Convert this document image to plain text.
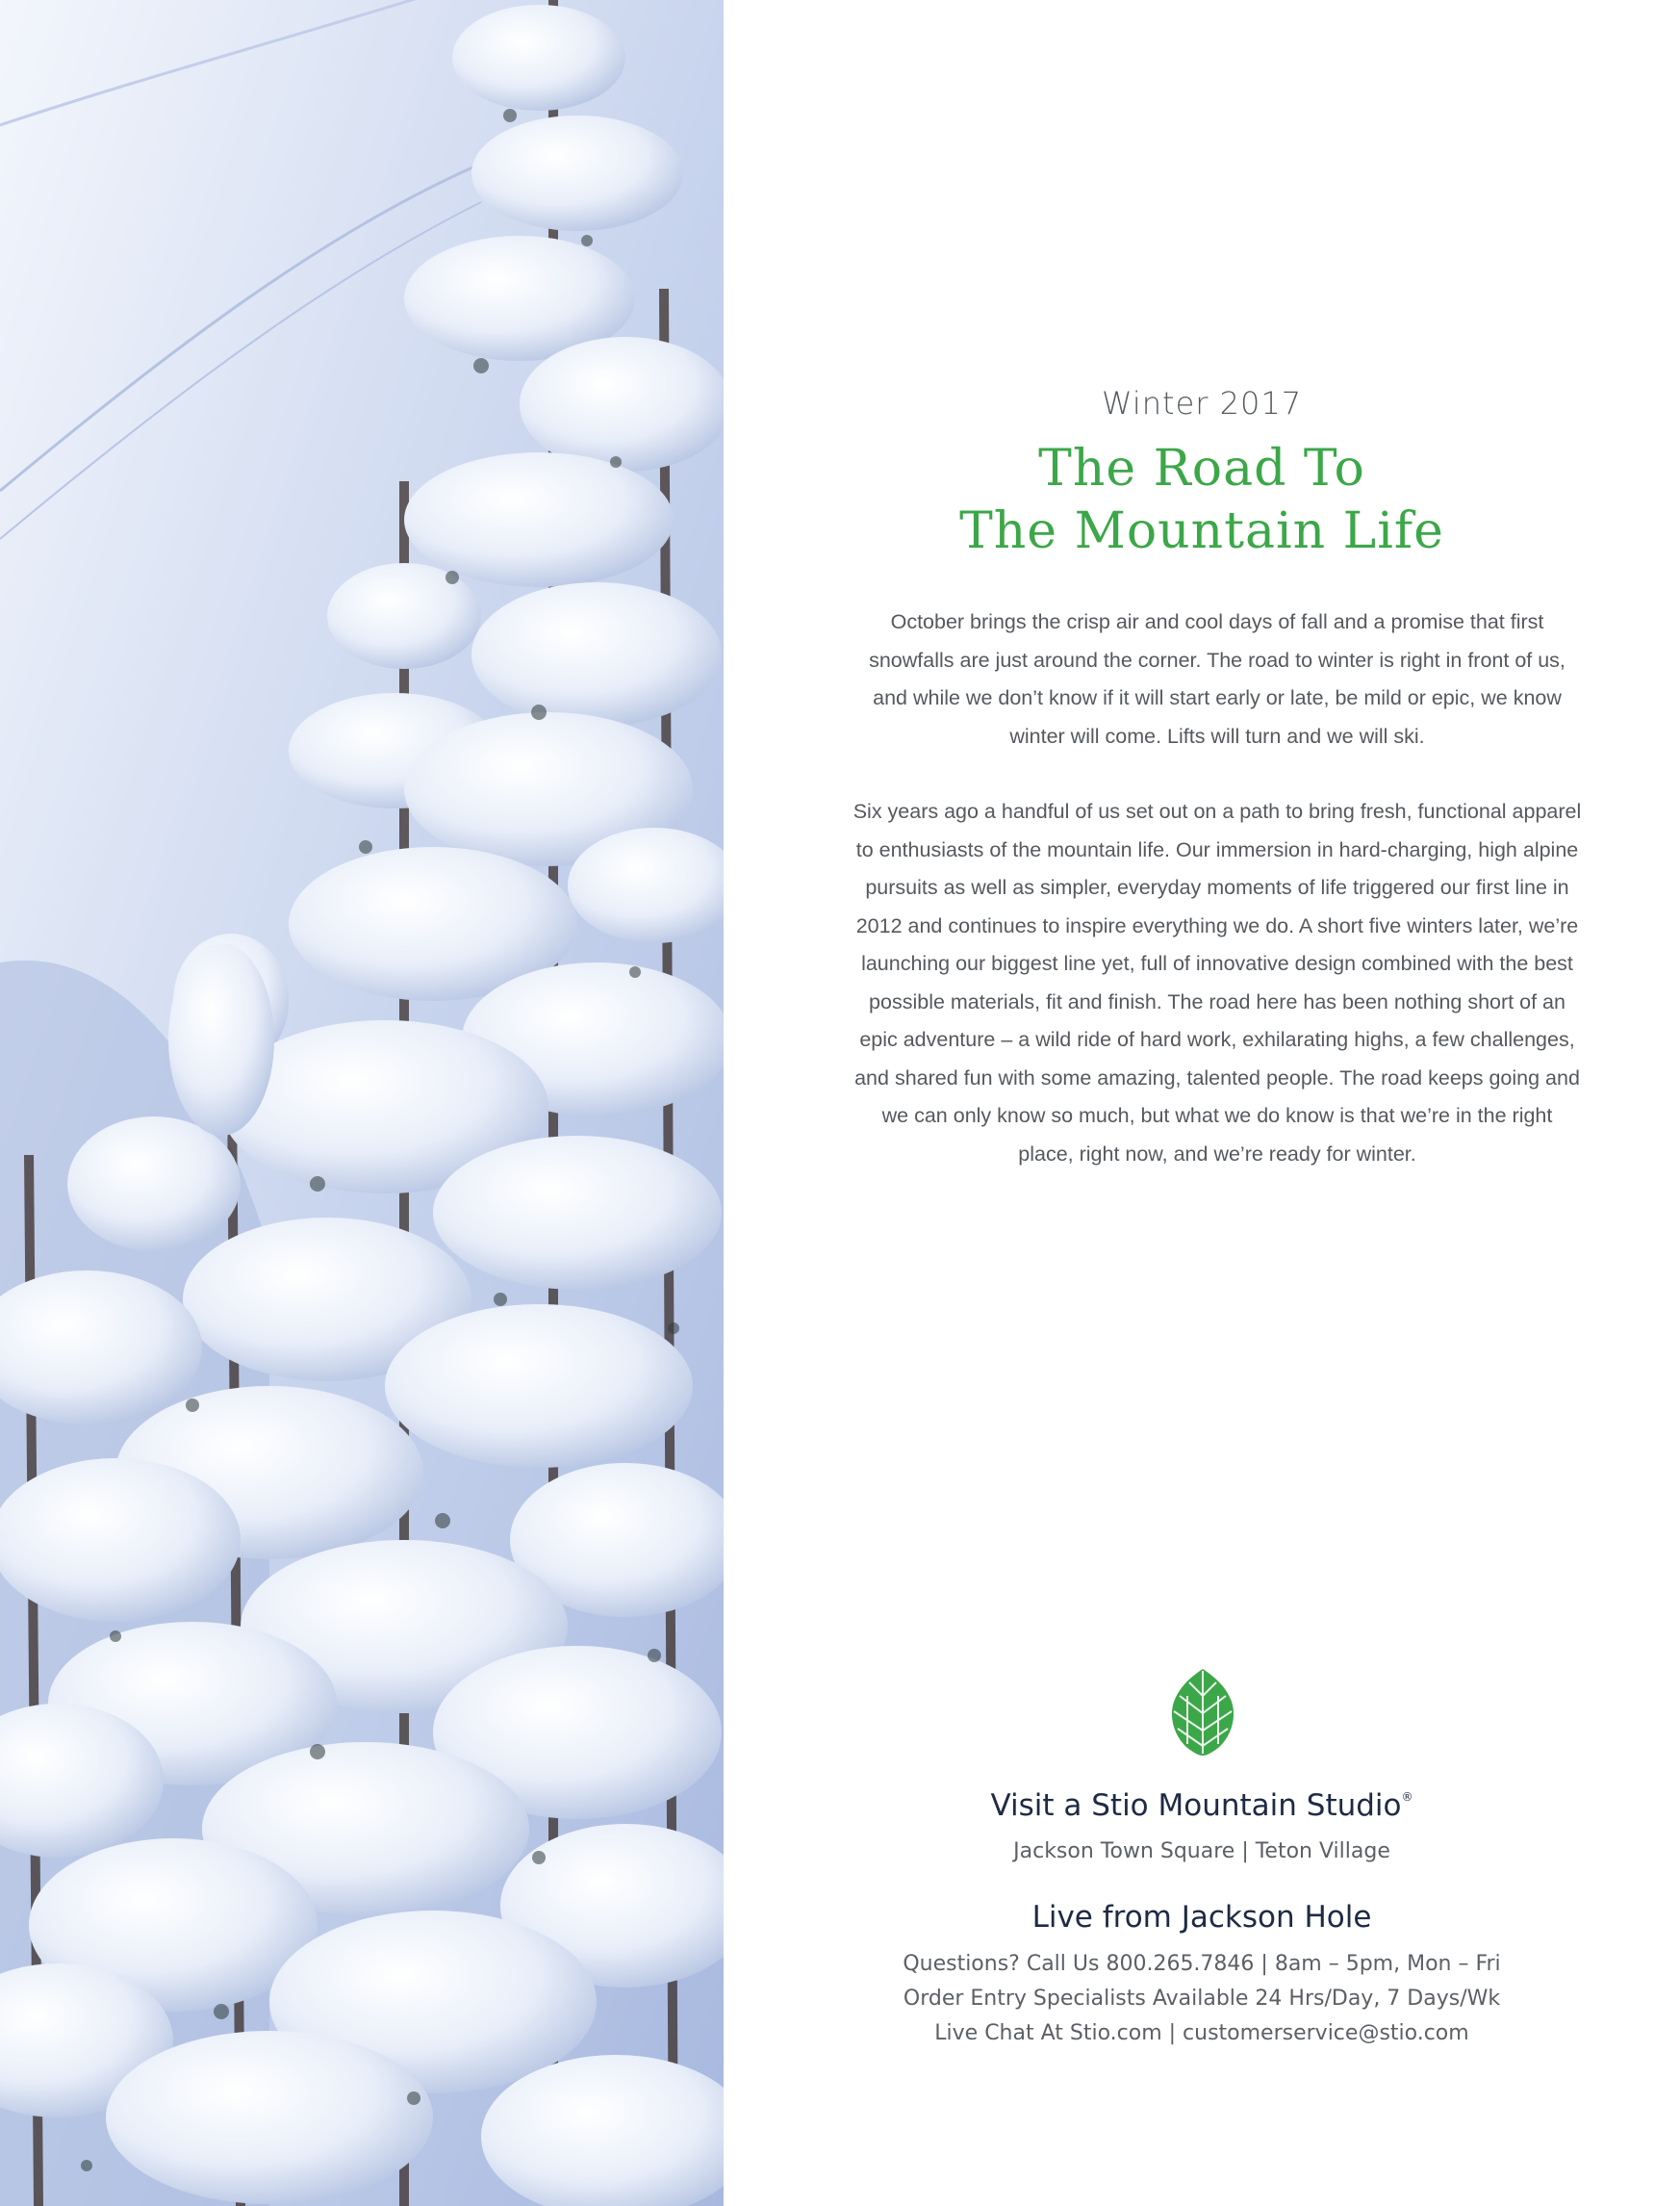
Winter 2017
The Road To
The Mountain Life

October brings the crisp air and cool days of fall and a promise that first snowfalls are just around the corner. The road to winter is right in front of us, and while we don’t know if it will start early or late, be mild or epic, we know winter will come. Lifts will turn and we will ski.

Six years ago a handful of us set out on a path to bring fresh, functional apparel to enthusiasts of the mountain life. Our immersion in hard-charging, high alpine pursuits as well as simpler, everyday moments of life triggered our first line in 2012 and continues to inspire everything we do. A short five winters later, we’re launching our biggest line yet, full of innovative design combined with the best possible materials, fit and finish. The road here has been nothing short of an epic adventure – a wild ride of hard work, exhilarating highs, a few challenges, and shared fun with some amazing, talented people. The road keeps going and we can only know so much, but what we do know is that we’re in the right place, right now, and we’re ready for winter.

Visit a Stio Mountain Studio®
Jackson Town Square | Teton Village
Live from Jackson Hole
Questions? Call Us 800.265.7846 | 8am – 5pm, Mon – Fri
Order Entry Specialists Available 24 Hrs/Day, 7 Days/Wk
Live Chat At Stio.com | customerservice@stio.com
